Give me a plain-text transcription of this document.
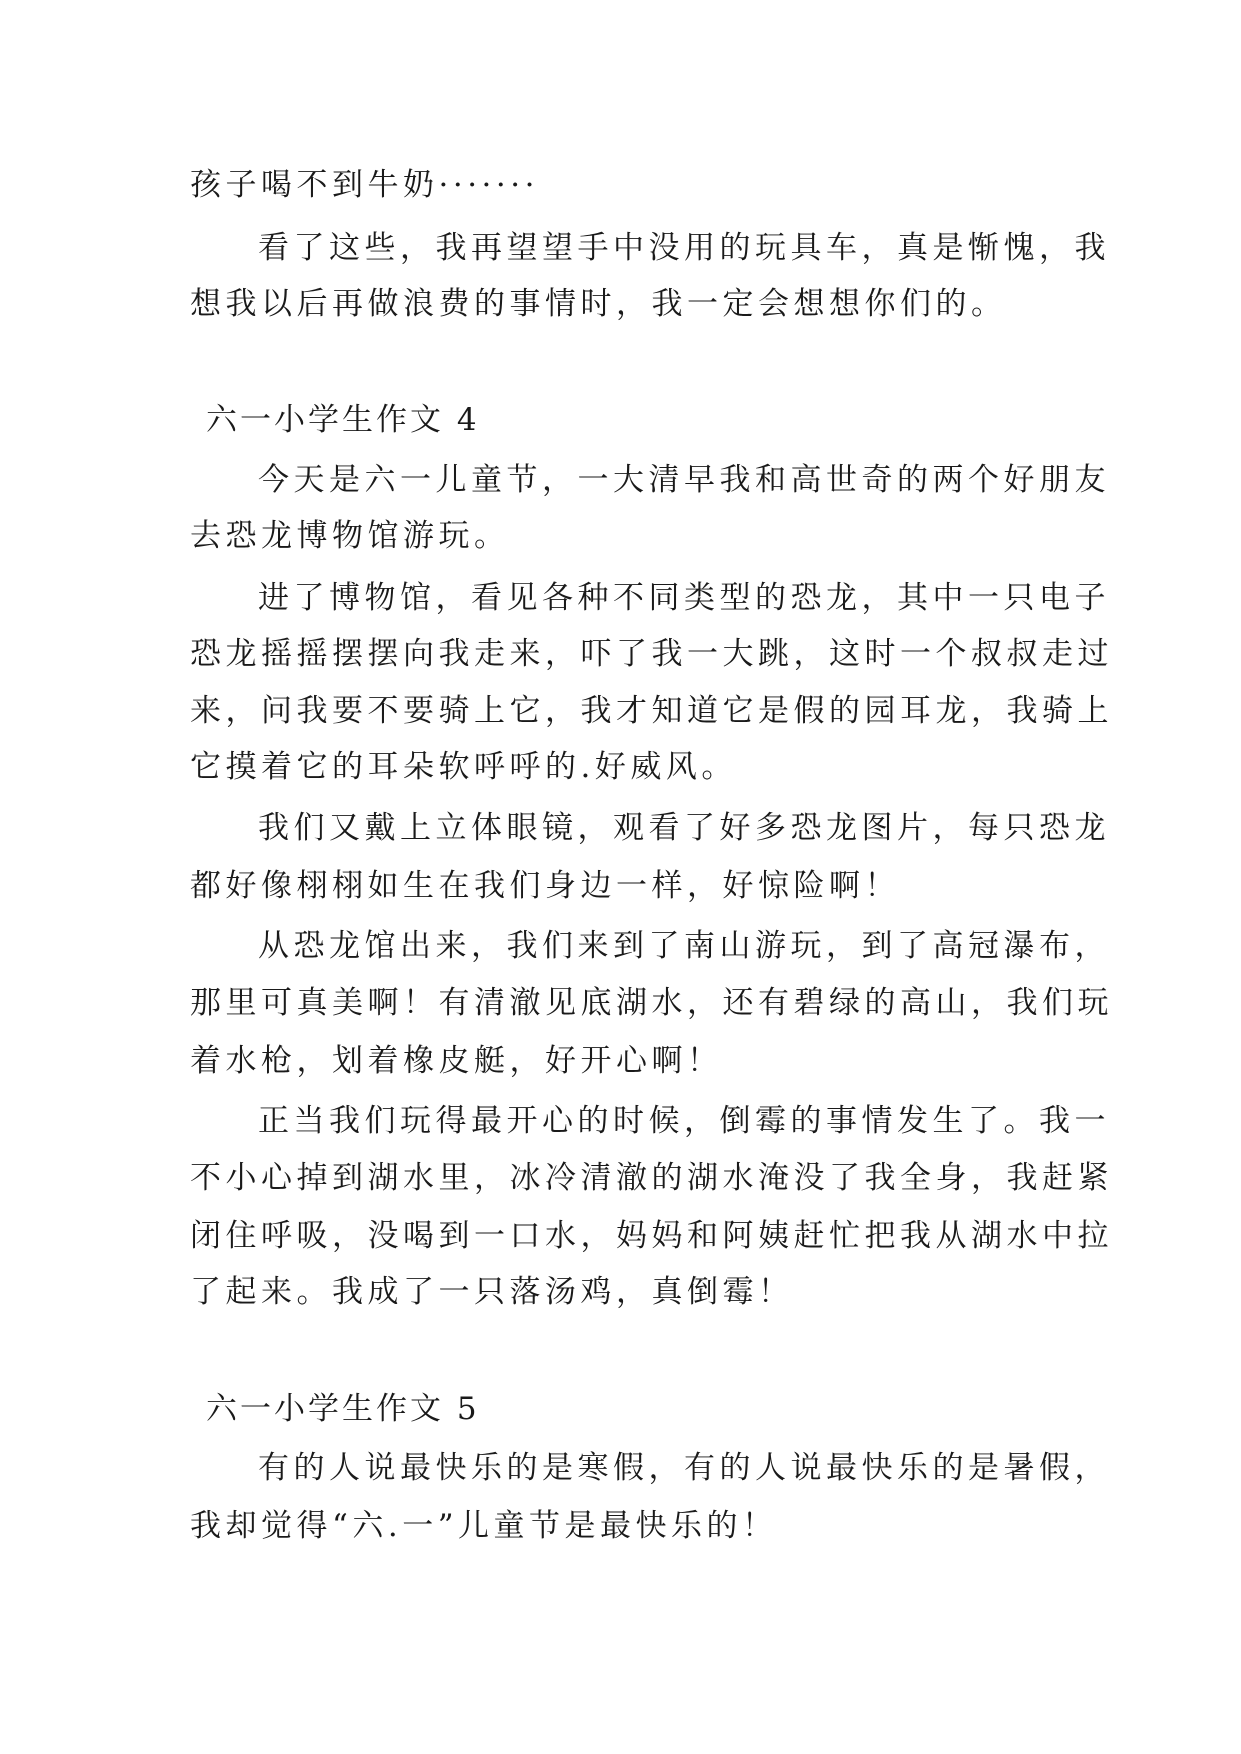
孩子喝不到牛奶·······
看了这些，我再望望手中没用的玩具车，真是惭愧，我
想我以后再做浪费的事情时，我一定会想想你们的。
六一小学生作文 4
今天是六一儿童节，一大清早我和高世奇的两个好朋友
去恐龙博物馆游玩。
进了博物馆，看见各种不同类型的恐龙，其中一只电子
恐龙摇摇摆摆向我走来，吓了我一大跳，这时一个叔叔走过
来，问我要不要骑上它，我才知道它是假的园耳龙，我骑上
它摸着它的耳朵软呼呼的.好威风。
我们又戴上立体眼镜，观看了好多恐龙图片，每只恐龙
都好像栩栩如生在我们身边一样，好惊险啊！
从恐龙馆出来，我们来到了南山游玩，到了高冠瀑布，
那里可真美啊！有清澈见底湖水，还有碧绿的高山，我们玩
着水枪，划着橡皮艇，好开心啊！
正当我们玩得最开心的时候，倒霉的事情发生了。我一
不小心掉到湖水里，冰冷清澈的湖水淹没了我全身，我赶紧
闭住呼吸，没喝到一口水，妈妈和阿姨赶忙把我从湖水中拉
了起来。我成了一只落汤鸡，真倒霉！
六一小学生作文 5
有的人说最快乐的是寒假，有的人说最快乐的是暑假，
我却觉得“六.一”儿童节是最快乐的！
